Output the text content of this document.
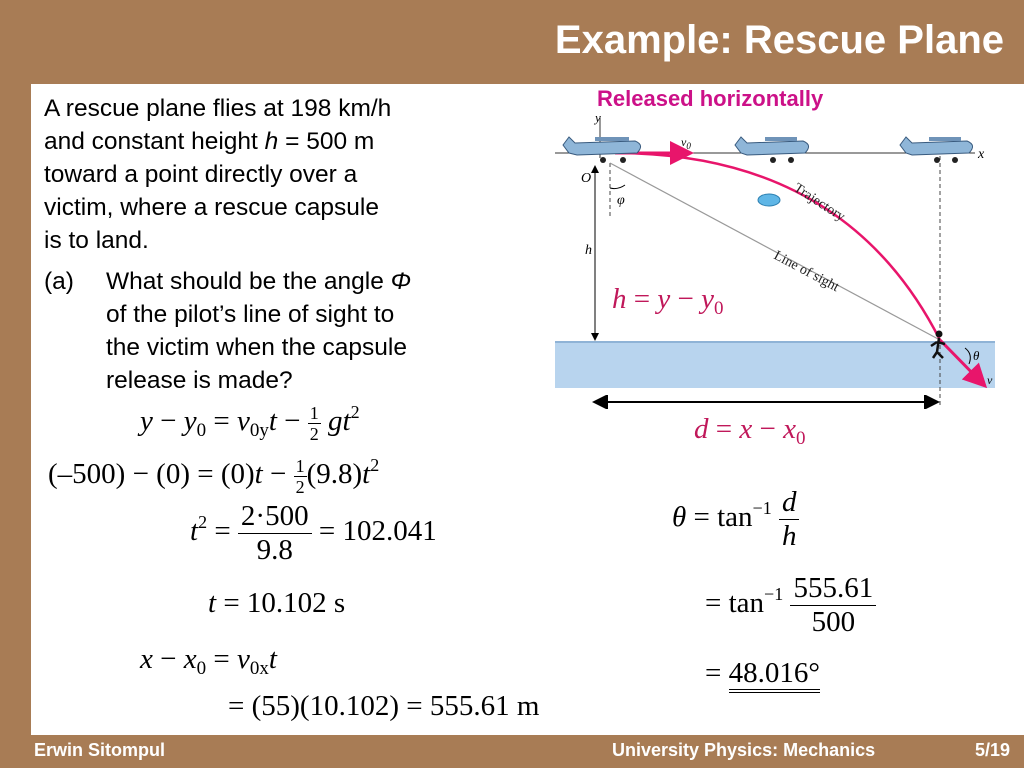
Example: Rescue Plane
A rescue plane flies at 198 km/h
and constant height h = 500 m
toward a point directly over a
victim, where a rescue capsule
is to land.
(a) What should be the angle Φ
of the pilot’s line of sight to
the victim when the capsule
release is made?
Released horizontally
x
y
O
h
φ
$v_0$
v
θ
Trajectory
Line of sight
$h = y - y_0$
$d = x - x_0$
$y - y_0 = v_{0y}t - \frac{1}{2} gt^2$
$(-500) - (0) = (0)t - \frac{1}{2} (9.8)t^2$
$t^2 = \frac{2\cdot 500}{9.8} = 102.041$
t = 10.102 s
$x - x_0 = v_{0x}t$
= (55)(10.102) = 555.61 m
$\theta = \tan^{-1} \frac{d}{h}$
= $\tan^{-1} \frac{555.61}{500}$
= 48.016°
Erwin Sitompul	University Physics: Mechanics	5/19
